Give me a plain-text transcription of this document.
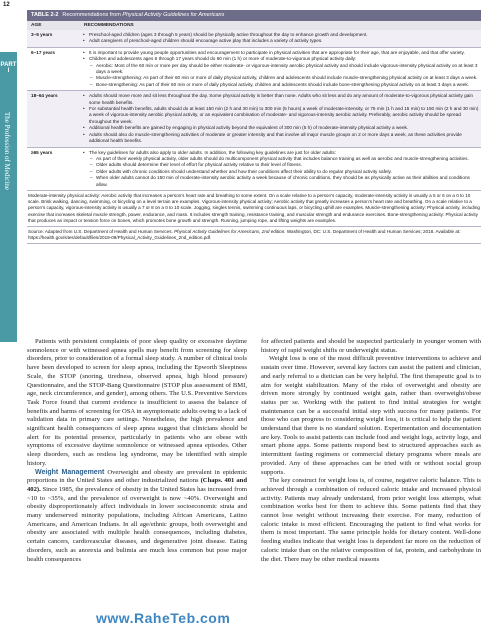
12
PART I
The Profession of Medicine
TABLE 2-2 Recommendations from Physical Activity Guidelines for Americans
AGE	RECOMMENDATIONS
3–5 years	• Preschool-aged children (ages 3 through 5 years) should be physically active throughout the day to enhance growth and development.
• Adult caregivers of preschool-aged children should encourage active play that includes a variety of activity types.
6–17 years	• It is important to provide young people opportunities and encouragement to participate in physical activities that are appropriate for their age, that are enjoyable, and that offer variety.
• Children and adolescents ages 6 through 17 years should do 60 min (1 h) or more of moderate-to-vigorous physical activity daily:
– Aerobic: Most of the 60 min or more per day should be either moderate- or vigorous-intensity aerobic physical activity and should include vigorous-intensity physical activity on at least 3 days a week.
– Muscle-strengthening: As part of their 60 min or more of daily physical activity, children and adolescents should include muscle-strengthening physical activity on at least 3 days a week.
– Bone-strengthening: As part of their 60 min or more of daily physical activity, children and adolescents should include bone-strengthening physical activity on at least 3 days a week.
18–64 years	• Adults should move more and sit less throughout the day. Some physical activity is better than none. Adults who sit less and do any amount of moderate-to-vigorous physical activity gain some health benefits.
• For substantial health benefits, adults should do at least 150 min (2 h and 30 min) to 300 min (5 hours) a week of moderate-intensity, or 75 min (1 h and 15 min) to 150 min (2 h and 30 min) a week of vigorous-intensity aerobic physical activity, or an equivalent combination of moderate- and vigorous-intensity aerobic activity. Preferably, aerobic activity should be spread throughout the week.
• Additional health benefits are gained by engaging in physical activity beyond the equivalent of 300 min (5 h) of moderate-intensity physical activity a week.
• Adults should also do muscle-strengthening activities of moderate or greater intensity and that involve all major muscle groups on 2 or more days a week, as these activities provide additional health benefits.
≥65 years	• The key guidelines for adults also apply to older adults. In addition, the following key guidelines are just for older adults:
– As part of their weekly physical activity, older adults should do multicomponent physical activity that includes balance training as well as aerobic and muscle-strengthening activities.
– Older adults should determine their level of effort for physical activity relative to their level of fitness.
– Older adults with chronic conditions should understand whether and how their conditions affect their ability to do regular physical activity safely.
– When older adults cannot do 150 min of moderate-intensity aerobic activity a week because of chronic conditions, they should be as physically active as their abilities and conditions allow.
Moderate-intensity physical activity: Aerobic activity that increases a person’s heart rate and breathing to some extent. On a scale relative to a person’s capacity, moderate-intensity activity is usually a 5 or 6 on a 0 to 10 scale. Brisk walking, dancing, swimming, or bicycling on a level terrain are examples. Vigorous-intensity physical activity: Aerobic activity that greatly increases a person’s heart rate and breathing. On a scale relative to a person’s capacity, vigorous-intensity activity is usually a 7 or 8 on a 0 to 10 scale. Jogging, singles tennis, swimming continuous laps, or bicycling uphill are examples. Muscle-strengthening activity: Physical activity, including exercise that increases skeletal muscle strength, power, endurance, and mass. It includes strength training, resistance training, and muscular strength and endurance exercises. Bone-strengthening activity: Physical activity that produces an impact or tension force on bones, which promotes bone growth and strength. Running, jumping rope, and lifting weights are examples.
Source: Adapted from U.S. Department of Health and Human Services. Physical Activity Guidelines for Americans, 2nd edition. Washington, DC: U.S. Department of Health and Human Services; 2018. Available at: https://health.gov/sites/default/files/2019-09/Physical_Activity_Guidelines_2nd_edition.pdf.

Patients with persistent complaints of poor sleep quality or excessive daytime somnolence or with witnessed apnea spells may benefit from screening for sleep disorders, prior to consideration of a formal sleep study. A number of clinical tools have been developed to screen for sleep apnea, including the Epworth Sleepiness Scale, the STOP (snoring, tiredness, observed apnea, high blood pressure) Questionnaire, and the STOP-Bang Questionnaire (STOP plus assessment of BMI, age, neck circumference, and gender), among others. The U.S. Preventive Services Task Force found that current evidence is insufficient to assess the balance of benefits and harms of screening for OSA in asymptomatic adults owing to a lack of validation data in primary care settings. Nonetheless, the high prevalence and significant health consequences of sleep apnea suggest that clinicians should be alert for its potential presence, particularly in patients who are obese with symptoms of excessive daytime somnolence or witnessed apnea episodes. Other sleep disorders, such as restless leg syndrome, may be identified with simple history.

Weight Management Overweight and obesity are prevalent in epidemic proportions in the United States and other industrialized nations (Chaps. 401 and 402). Since 1985, the prevalence of obesity in the United States has increased from ~10 to ~35%, and the prevalence of overweight is now ~40%. Overweight and obesity disproportionately affect individuals in lower socioeconomic strata and many underserved minority populations, including African Americans, Latino Americans, and American Indians. In all age/ethnic groups, both overweight and obesity are associated with multiple health consequences, including diabetes, certain cancers, cardiovascular diseases, and degenerative joint disease. Eating disorders, such as anorexia and bulimia are much less common but pose major health consequences

for affected patients and should be suspected particularly in younger women with history of rapid weight shifts or underweight status.

Weight loss is one of the most difficult preventive interventions to achieve and sustain over time. However, several key factors can assist the patient and clinician, and early referral to a dietician can be very helpful. The first therapeutic goal is to aim for weight stabilization. Many of the risks of overweight and obesity are driven more strongly by continued weight gain, rather than overweight/obese status per se. Working with the patient to find initial strategies for weight maintenance can be a successful initial step with success for many patients. For those who can progress to considering weight loss, it is critical to help the patient understand that there is no standard solution. Experimentation and documentation are key. Tools to assist patients can include food and weight logs, activity logs, and smart phone apps. Some patients respond best to structured approaches such as intermittent fasting regimens or commercial dietary programs where meals are provided. Any of these approaches can be tried with or without social group supports.

The key construct for weight loss is, of course, negative caloric balance. This is achieved through a combination of reduced caloric intake and increased physical activity. Patients may already understand, from prior weight loss attempts, what combination works best for them to achieve this. Some patients find that they cannot lose weight without increasing their exercise. For many, reduction of caloric intake is most efficient. Encouraging the patient to find what works for them is most important. The same principle holds for dietary content. Well-done feeding studies indicate that weight loss is dependent far more on the reduction of caloric intake than on the relative composition of fat, protein, and carbohydrate in the diet. There may be other medical reasons

www.RaheTeb.com
